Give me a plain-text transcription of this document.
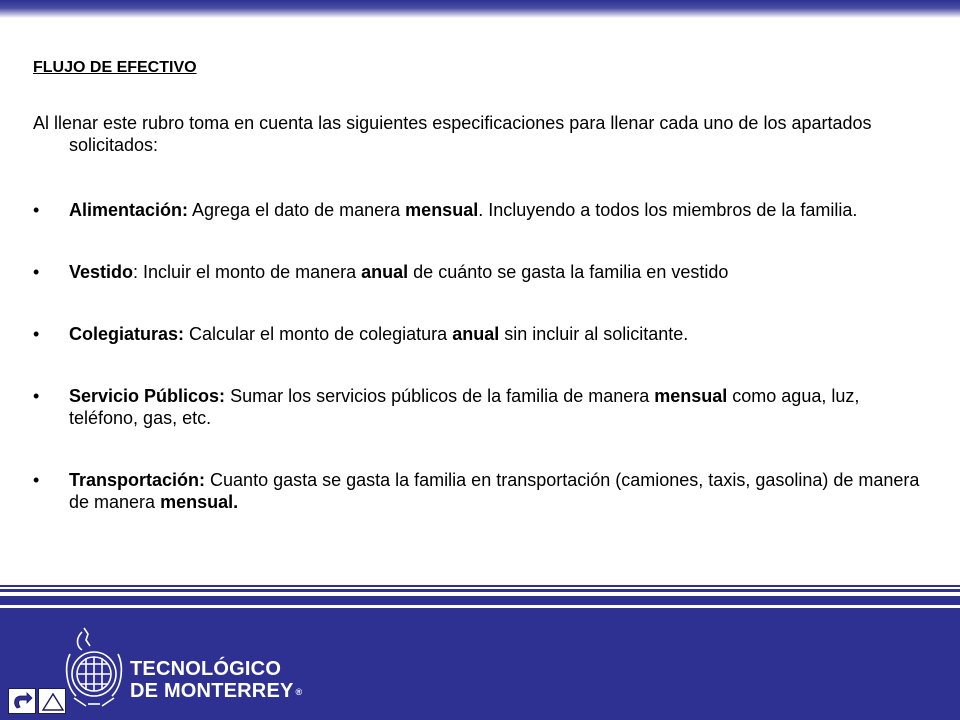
FLUJO DE EFECTIVO

Al llenar este rubro toma en cuenta las siguientes especificaciones para llenar cada uno de los apartados solicitados:

• Alimentación: Agrega el dato de manera mensual. Incluyendo a todos los miembros de la familia.
• Vestido: Incluir el monto de manera anual de cuánto se gasta la familia en vestido
• Colegiaturas: Calcular el monto de colegiatura anual sin incluir al solicitante.
• Servicio Públicos: Sumar los servicios públicos de la familia de manera mensual como agua, luz, teléfono, gas, etc.
• Transportación: Cuanto gasta se gasta la familia en transportación (camiones, taxis, gasolina) de manera de manera mensual.
TECNOLÓGICO
DE MONTERREY ®
